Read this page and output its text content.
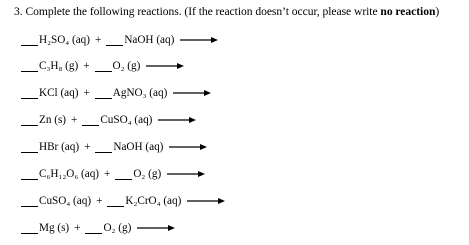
3. Complete the following reactions. (If the reaction doesn’t occur, please write no reaction)
H₂SO₄ (aq) + NaOH (aq)
C₃H₈ (g) + O₂ (g)
KCl (aq) + AgNO₃ (aq)
Zn (s) + CuSO₄ (aq)
HBr (aq) + NaOH (aq)
C₆H₁₂O₆ (aq) + O₂ (g)
CuSO₄ (aq) + K₂CrO₄ (aq)
Mg (s) + O₂ (g)
